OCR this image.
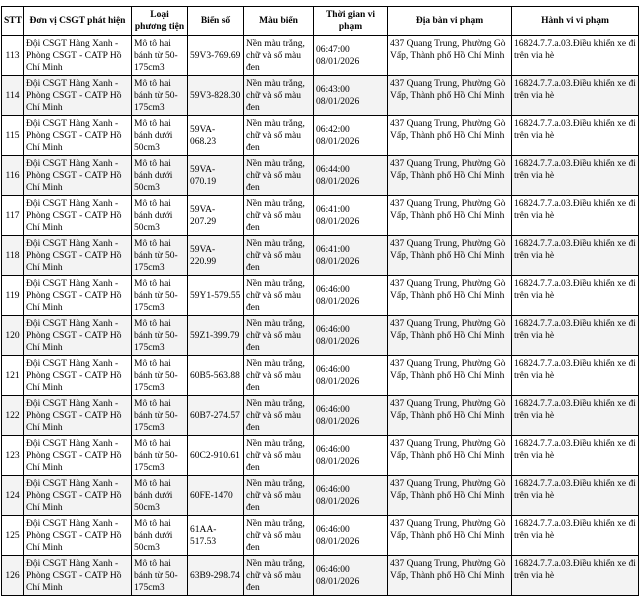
STT	Đơn vị CSGT phát hiện	Loại phương tiện	Biển số	Màu biển	Thời gian vi phạm	Địa bàn vi phạm	Hành vi vi phạm
113	Đội CSGT Hàng Xanh - Phòng CSGT - CATP Hồ Chí Minh	Mô tô hai bánh từ 50-175cm3	59V3-769.69	Nền màu trắng, chữ và số màu đen	06:47:00 08/01/2026	437 Quang Trung, Phường Gò Vấp, Thành phố Hồ Chí Minh	16824.7.7.a.03.Điều khiển xe đi trên via hè
114	Đội CSGT Hàng Xanh - Phòng CSGT - CATP Hồ Chí Minh	Mô tô hai bánh từ 50-175cm3	59V3-828.30	Nền màu trắng, chữ và số màu đen	06:43:00 08/01/2026	437 Quang Trung, Phường Gò Vấp, Thành phố Hồ Chí Minh	16824.7.7.a.03.Điều khiển xe đi trên via hè
115	Đội CSGT Hàng Xanh - Phòng CSGT - CATP Hồ Chí Minh	Mô tô hai bánh dưới 50cm3	59VA-068.23	Nền màu trắng, chữ và số màu đen	06:42:00 08/01/2026	437 Quang Trung, Phường Gò Vấp, Thành phố Hồ Chí Minh	16824.7.7.a.03.Điều khiển xe đi trên via hè
116	Đội CSGT Hàng Xanh - Phòng CSGT - CATP Hồ Chí Minh	Mô tô hai bánh dưới 50cm3	59VA-070.19	Nền màu trắng, chữ và số màu đen	06:44:00 08/01/2026	437 Quang Trung, Phường Gò Vấp, Thành phố Hồ Chí Minh	16824.7.7.a.03.Điều khiển xe đi trên via hè
117	Đội CSGT Hàng Xanh - Phòng CSGT - CATP Hồ Chí Minh	Mô tô hai bánh dưới 50cm3	59VA-207.29	Nền màu trắng, chữ và số màu đen	06:41:00 08/01/2026	437 Quang Trung, Phường Gò Vấp, Thành phố Hồ Chí Minh	16824.7.7.a.03.Điều khiển xe đi trên via hè
118	Đội CSGT Hàng Xanh - Phòng CSGT - CATP Hồ Chí Minh	Mô tô hai bánh từ 50-175cm3	59VA-220.99	Nền màu trắng, chữ và số màu đen	06:41:00 08/01/2026	437 Quang Trung, Phường Gò Vấp, Thành phố Hồ Chí Minh	16824.7.7.a.03.Điều khiển xe đi trên via hè
119	Đội CSGT Hàng Xanh - Phòng CSGT - CATP Hồ Chí Minh	Mô tô hai bánh từ 50-175cm3	59Y1-579.55	Nền màu trắng, chữ và số màu đen	06:46:00 08/01/2026	437 Quang Trung, Phường Gò Vấp, Thành phố Hồ Chí Minh	16824.7.7.a.03.Điều khiển xe đi trên via hè
120	Đội CSGT Hàng Xanh - Phòng CSGT - CATP Hồ Chí Minh	Mô tô hai bánh từ 50-175cm3	59Z1-399.79	Nền màu trắng, chữ và số màu đen	06:46:00 08/01/2026	437 Quang Trung, Phường Gò Vấp, Thành phố Hồ Chí Minh	16824.7.7.a.03.Điều khiển xe đi trên via hè
121	Đội CSGT Hàng Xanh - Phòng CSGT - CATP Hồ Chí Minh	Mô tô hai bánh từ 50-175cm3	60B5-563.88	Nền màu trắng, chữ và số màu đen	06:46:00 08/01/2026	437 Quang Trung, Phường Gò Vấp, Thành phố Hồ Chí Minh	16824.7.7.a.03.Điều khiển xe đi trên via hè
122	Đội CSGT Hàng Xanh - Phòng CSGT - CATP Hồ Chí Minh	Mô tô hai bánh từ 50-175cm3	60B7-274.57	Nền màu trắng, chữ và số màu đen	06:46:00 08/01/2026	437 Quang Trung, Phường Gò Vấp, Thành phố Hồ Chí Minh	16824.7.7.a.03.Điều khiển xe đi trên via hè
123	Đội CSGT Hàng Xanh - Phòng CSGT - CATP Hồ Chí Minh	Mô tô hai bánh từ 50-175cm3	60C2-910.61	Nền màu trắng, chữ và số màu đen	06:46:00 08/01/2026	437 Quang Trung, Phường Gò Vấp, Thành phố Hồ Chí Minh	16824.7.7.a.03.Điều khiển xe đi trên via hè
124	Đội CSGT Hàng Xanh - Phòng CSGT - CATP Hồ Chí Minh	Mô tô hai bánh dưới 50cm3	60FE-1470	Nền màu trắng, chữ và số màu đen	06:46:00 08/01/2026	437 Quang Trung, Phường Gò Vấp, Thành phố Hồ Chí Minh	16824.7.7.a.03.Điều khiển xe đi trên via hè
125	Đội CSGT Hàng Xanh - Phòng CSGT - CATP Hồ Chí Minh	Mô tô hai bánh dưới 50cm3	61AA-517.53	Nền màu trắng, chữ và số màu đen	06:46:00 08/01/2026	437 Quang Trung, Phường Gò Vấp, Thành phố Hồ Chí Minh	16824.7.7.a.03.Điều khiển xe đi trên via hè
126	Đội CSGT Hàng Xanh - Phòng CSGT - CATP Hồ Chí Minh	Mô tô hai bánh từ 50-175cm3	63B9-298.74	Nền màu trắng, chữ và số màu đen	06:46:00 08/01/2026	437 Quang Trung, Phường Gò Vấp, Thành phố Hồ Chí Minh	16824.7.7.a.03.Điều khiển xe đi trên via hè
